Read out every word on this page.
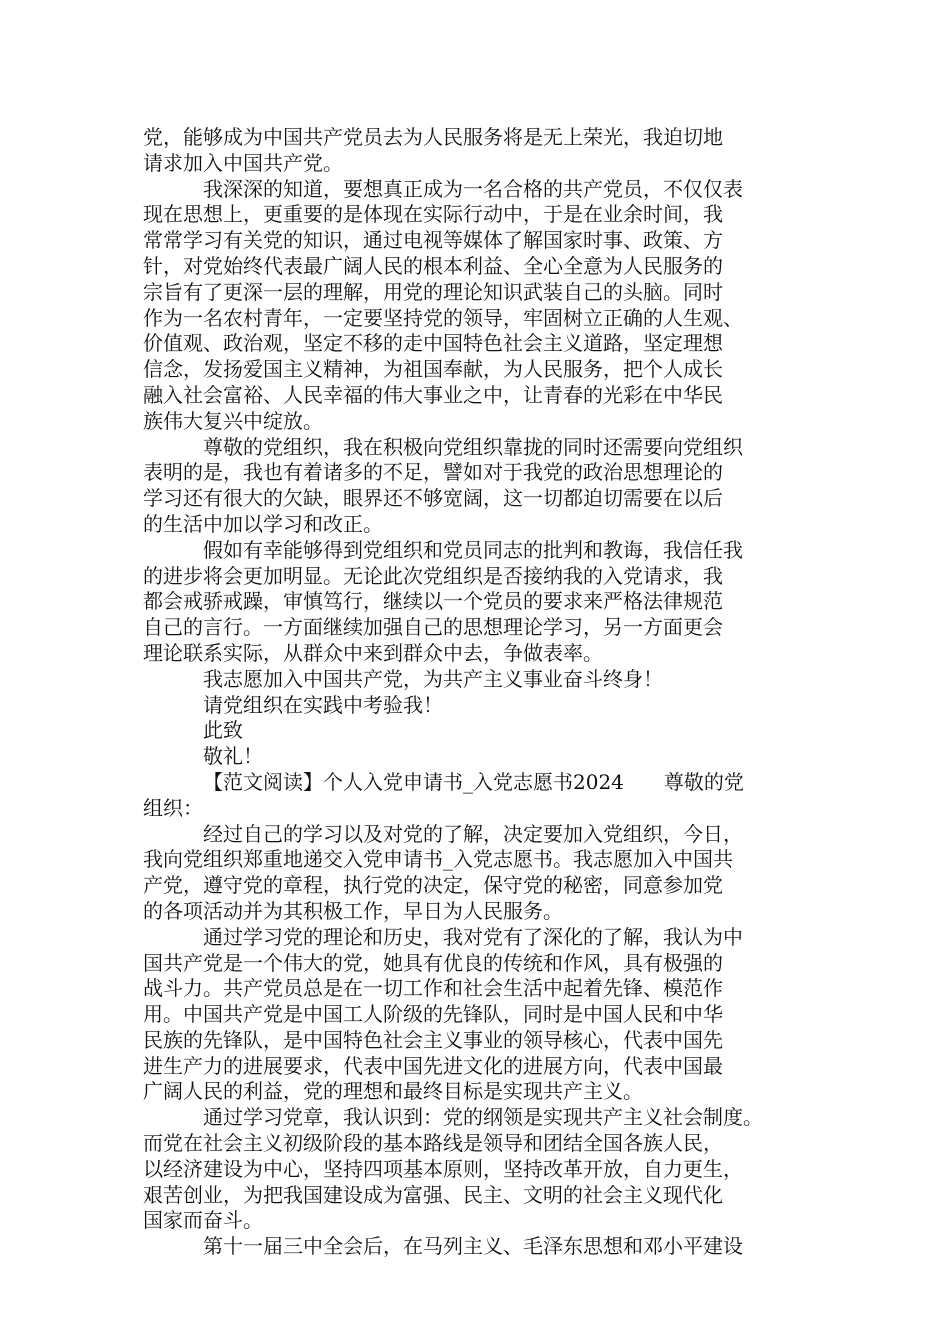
党，能够成为中国共产党员去为人民服务将是无上荣光，我迫切地
请求加入中国共产党。
我深深的知道，要想真正成为一名合格的共产党员，不仅仅表
现在思想上，更重要的是体现在实际行动中，于是在业余时间，我
常常学习有关党的知识，通过电视等媒体了解国家时事、政策、方
针，对党始终代表最广阔人民的根本利益、全心全意为人民服务的
宗旨有了更深一层的理解，用党的理论知识武装自己的头脑。同时
作为一名农村青年，一定要坚持党的领导，牢固树立正确的人生观、
价值观、政治观，坚定不移的走中国特色社会主义道路，坚定理想
信念，发扬爱国主义精神，为祖国奉献，为人民服务，把个人成长
融入社会富裕、人民幸福的伟大事业之中，让青春的光彩在中华民
族伟大复兴中绽放。
尊敬的党组织，我在积极向党组织靠拢的同时还需要向党组织
表明的是，我也有着诸多的不足，譬如对于我党的政治思想理论的
学习还有很大的欠缺，眼界还不够宽阔，这一切都迫切需要在以后
的生活中加以学习和改正。
假如有幸能够得到党组织和党员同志的批判和教诲，我信任我
的进步将会更加明显。无论此次党组织是否接纳我的入党请求，我
都会戒骄戒躁，审慎笃行，继续以一个党员的要求来严格法律规范
自己的言行。一方面继续加强自己的思想理论学习，另一方面更会
理论联系实际，从群众中来到群众中去，争做表率。
我志愿加入中国共产党，为共产主义事业奋斗终身！
请党组织在实践中考验我！
此致
敬礼！
【范文阅读】个人入党申请书_入党志愿书2024　　尊敬的党
组织：
经过自己的学习以及对党的了解，决定要加入党组织，今日，
我向党组织郑重地递交入党申请书_入党志愿书。我志愿加入中国共
产党，遵守党的章程，执行党的决定，保守党的秘密，同意参加党
的各项活动并为其积极工作，早日为人民服务。
通过学习党的理论和历史，我对党有了深化的了解，我认为中
国共产党是一个伟大的党，她具有优良的传统和作风，具有极强的
战斗力。共产党员总是在一切工作和社会生活中起着先锋、模范作
用。中国共产党是中国工人阶级的先锋队，同时是中国人民和中华
民族的先锋队，是中国特色社会主义事业的领导核心，代表中国先
进生产力的进展要求，代表中国先进文化的进展方向，代表中国最
广阔人民的利益，党的理想和最终目标是实现共产主义。
通过学习党章，我认识到：党的纲领是实现共产主义社会制度。
而党在社会主义初级阶段的基本路线是领导和团结全国各族人民，
以经济建设为中心，坚持四项基本原则，坚持改革开放，自力更生，
艰苦创业，为把我国建设成为富强、民主、文明的社会主义现代化
国家而奋斗。
第十一届三中全会后，在马列主义、毛泽东思想和邓小平建设
